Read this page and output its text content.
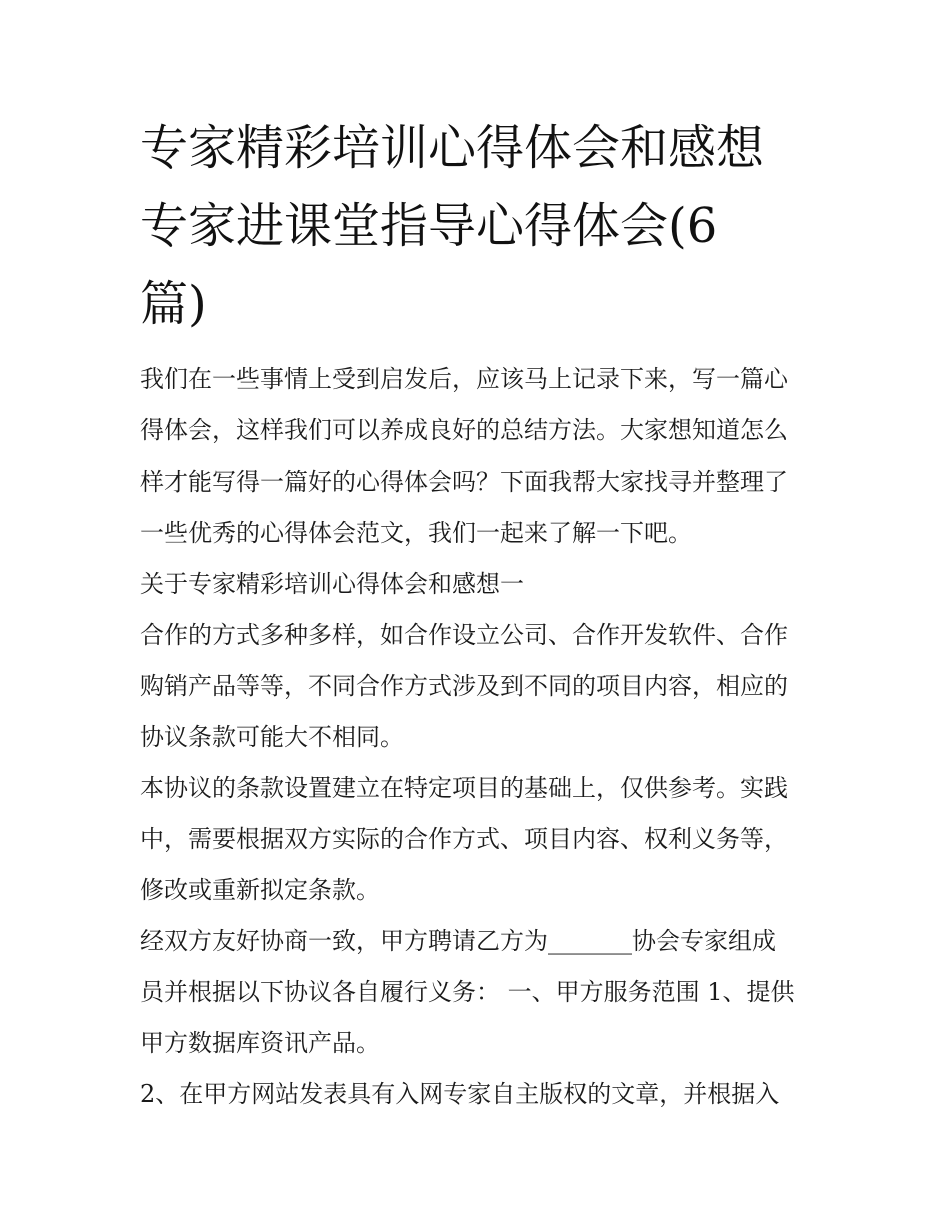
专家精彩培训心得体会和感想
专家进课堂指导心得体会(6
篇)

我们在一些事情上受到启发后，应该马上记录下来，写一篇心

得体会，这样我们可以养成良好的总结方法。大家想知道怎么

样才能写得一篇好的心得体会吗？下面我帮大家找寻并整理了

一些优秀的心得体会范文，我们一起来了解一下吧。

关于专家精彩培训心得体会和感想一

合作的方式多种多样，如合作设立公司、合作开发软件、合作

购销产品等等，不同合作方式涉及到不同的项目内容，相应的

协议条款可能大不相同。

本协议的条款设置建立在特定项目的基础上，仅供参考。实践

中，需要根据双方实际的合作方式、项目内容、权利义务等，

修改或重新拟定条款。

经双方友好协商一致，甲方聘请乙方为_______协会专家组成

员并根据以下协议各自履行义务： 一、甲方服务范围 1、提供

甲方数据库资讯产品。

2、在甲方网站发表具有入网专家自主版权的文章，并根据入
